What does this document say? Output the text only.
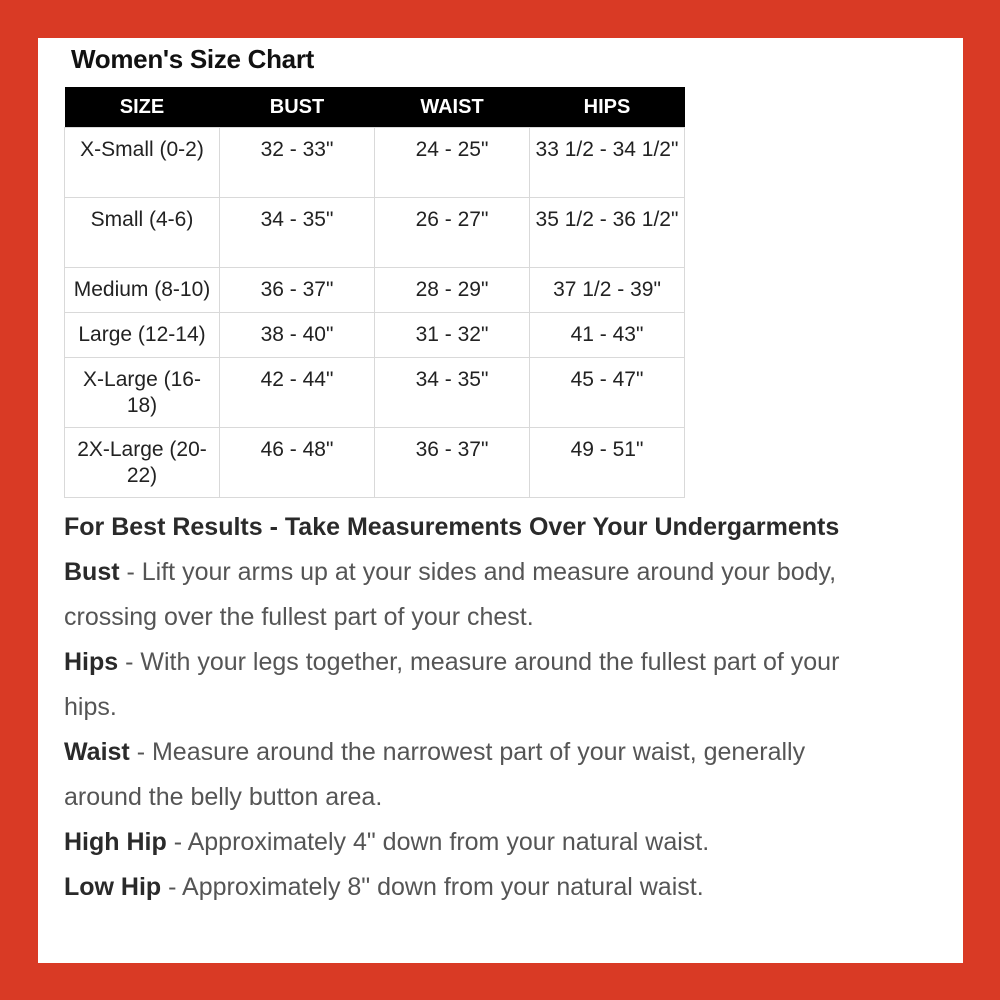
Women's Size Chart
SIZE	BUST	WAIST	HIPS
X-Small (0-2)	32 - 33"	24 - 25"	33 1/2 - 34 1/2"
Small (4-6)	34 - 35"	26 - 27"	35 1/2 - 36 1/2"
Medium (8-10)	36 - 37"	28 - 29"	37 1/2 - 39"
Large (12-14)	38 - 40"	31 - 32"	41 - 43"
X-Large (16-18)	42 - 44"	34 - 35"	45 - 47"
2X-Large (20-22)	46 - 48"	36 - 37"	49 - 51"
For Best Results - Take Measurements Over Your Undergarments
Bust - Lift your arms up at your sides and measure around your body, crossing over the fullest part of your chest.
Hips - With your legs together, measure around the fullest part of your hips.
Waist - Measure around the narrowest part of your waist, generally around the belly button area.
High Hip - Approximately 4" down from your natural waist.
Low Hip - Approximately 8" down from your natural waist.
